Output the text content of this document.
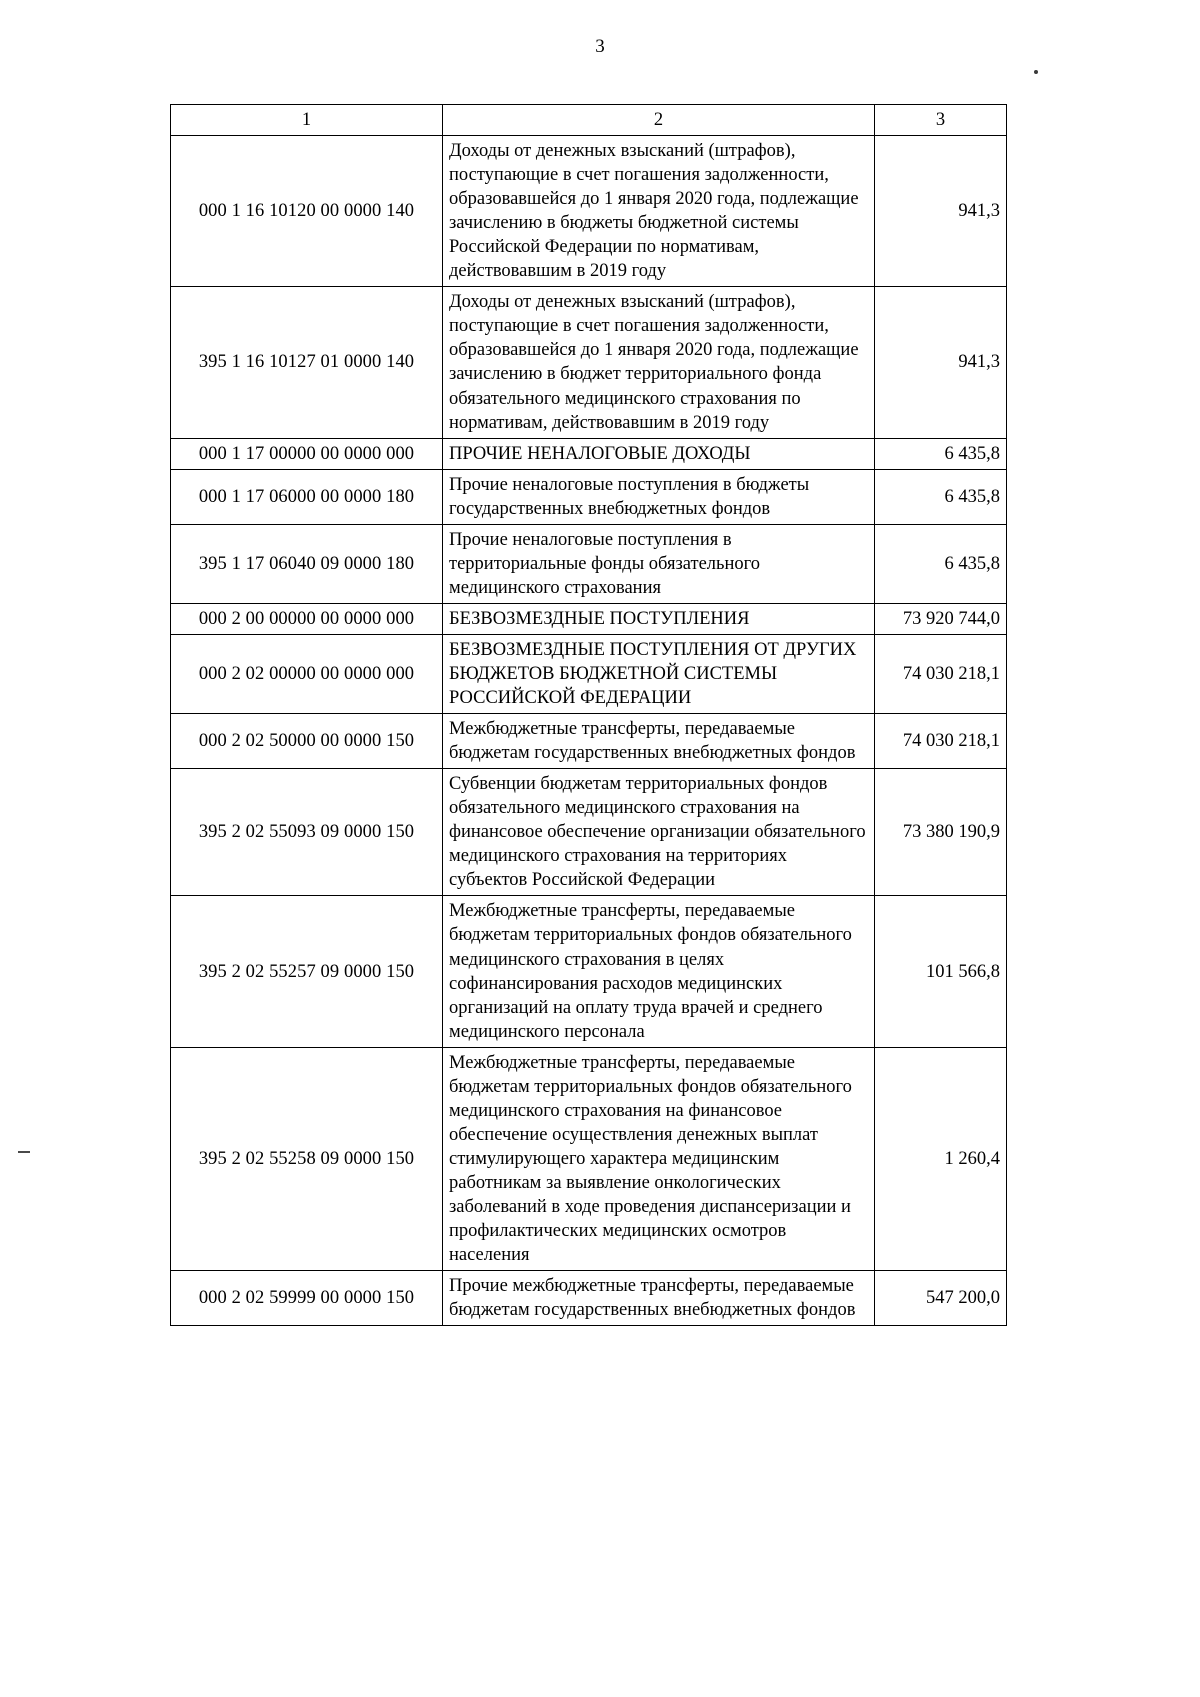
3
1	2	3
000 1 16 10120 00 0000 140	Доходы от денежных взысканий (штрафов), поступающие в счет погашения задолженности, образовавшейся до 1 января 2020 года, подлежащие зачислению в бюджеты бюджетной системы Российской Федерации по нормативам, действовавшим в 2019 году	941,3
395 1 16 10127 01 0000 140	Доходы от денежных взысканий (штрафов), поступающие в счет погашения задолженности, образовавшейся до 1 января 2020 года, подлежащие зачислению в бюджет территориального фонда обязательного медицинского страхования по нормативам, действовавшим в 2019 году	941,3
000 1 17 00000 00 0000 000	ПРОЧИЕ НЕНАЛОГОВЫЕ ДОХОДЫ	6 435,8
000 1 17 06000 00 0000 180	Прочие неналоговые поступления в бюджеты государственных внебюджетных фондов	6 435,8
395 1 17 06040 09 0000 180	Прочие неналоговые поступления в территориальные фонды обязательного медицинского страхования	6 435,8
000 2 00 00000 00 0000 000	БЕЗВОЗМЕЗДНЫЕ ПОСТУПЛЕНИЯ	73 920 744,0
000 2 02 00000 00 0000 000	БЕЗВОЗМЕЗДНЫЕ ПОСТУПЛЕНИЯ ОТ ДРУГИХ БЮДЖЕТОВ БЮДЖЕТНОЙ СИСТЕМЫ РОССИЙСКОЙ ФЕДЕРАЦИИ	74 030 218,1
000 2 02 50000 00 0000 150	Межбюджетные трансферты, передаваемые бюджетам государственных внебюджетных фондов	74 030 218,1
395 2 02 55093 09 0000 150	Субвенции бюджетам территориальных фондов обязательного медицинского страхования на финансовое обеспечение организации обязательного медицинского страхования на территориях субъектов Российской Федерации	73 380 190,9
395 2 02 55257 09 0000 150	Межбюджетные трансферты, передаваемые бюджетам территориальных фондов обязательного медицинского страхования в целях софинансирования расходов медицинских организаций на оплату труда врачей и среднего медицинского персонала	101 566,8
395 2 02 55258 09 0000 150	Межбюджетные трансферты, передаваемые бюджетам территориальных фондов обязательного медицинского страхования на финансовое обеспечение осуществления денежных выплат стимулирующего характера медицинским работникам за выявление онкологических заболеваний в ходе проведения диспансеризации и профилактических медицинских осмотров населения	1 260,4
000 2 02 59999 00 0000 150	Прочие межбюджетные трансферты, передаваемые бюджетам государственных внебюджетных фондов	547 200,0
